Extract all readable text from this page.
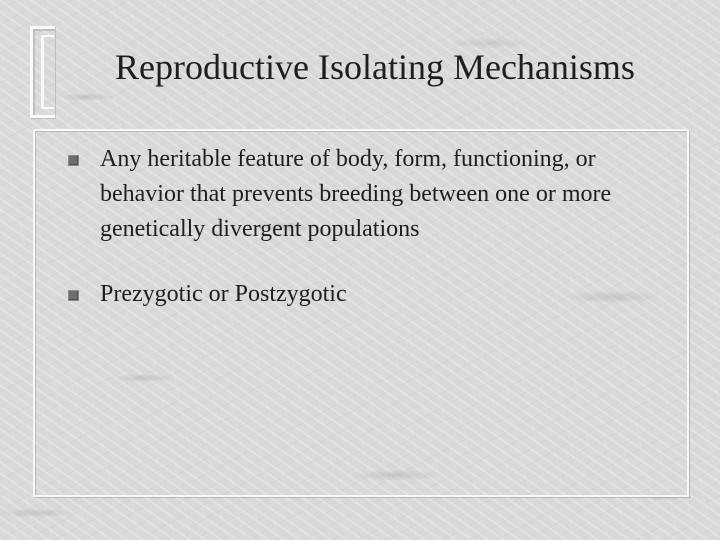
Reproductive Isolating Mechanisms
Any heritable feature of body, form, functioning, or behavior that prevents breeding between one or more genetically divergent populations
Prezygotic or Postzygotic
